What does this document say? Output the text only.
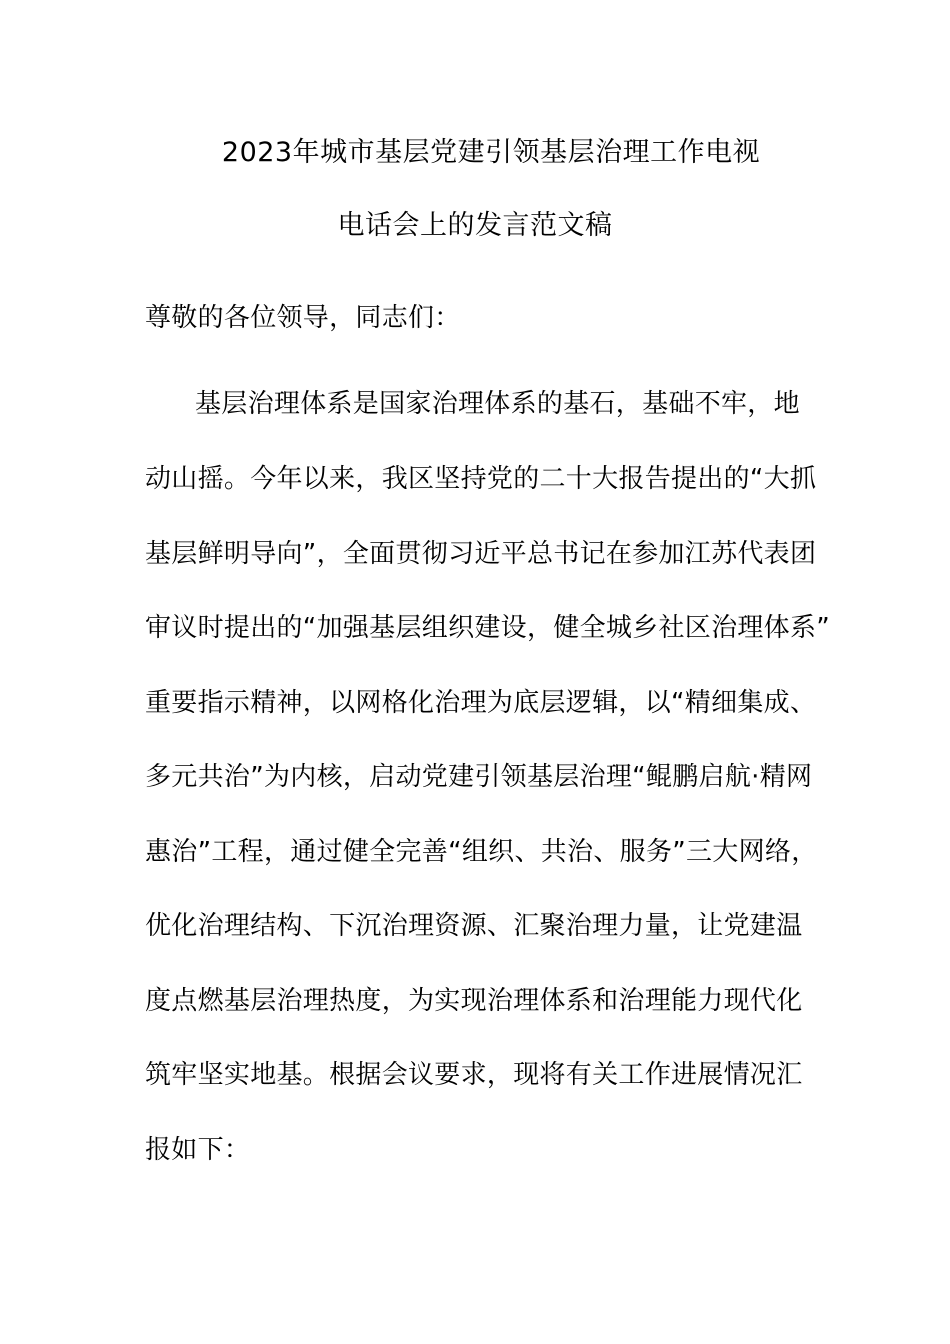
2023年城市基层党建引领基层治理工作电视
电话会上的发言范文稿
尊敬的各位领导，同志们：
基层治理体系是国家治理体系的基石，基础不牢，地
动山摇。今年以来，我区坚持党的二十大报告提出的“大抓
基层鲜明导向”，全面贯彻习近平总书记在参加江苏代表团
审议时提出的“加强基层组织建设，健全城乡社区治理体系”
重要指示精神，以网格化治理为底层逻辑，以“精细集成、
多元共治”为内核，启动党建引领基层治理“鲲鹏启航·精网
惠治”工程，通过健全完善“组织、共治、服务”三大网络，
优化治理结构、下沉治理资源、汇聚治理力量，让党建温
度点燃基层治理热度，为实现治理体系和治理能力现代化
筑牢坚实地基。根据会议要求，现将有关工作进展情况汇
报如下：
